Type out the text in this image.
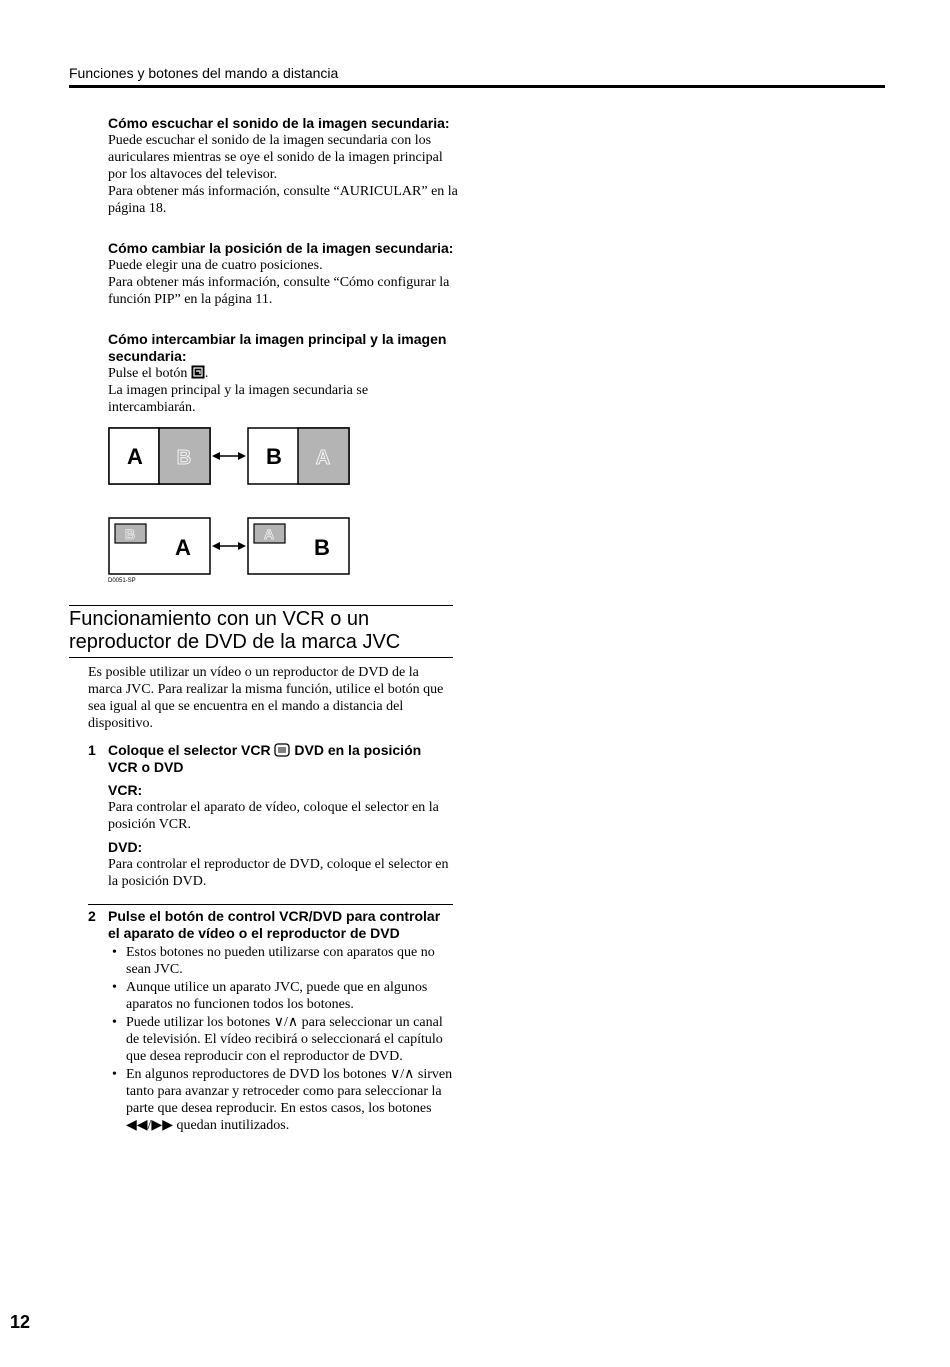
Funciones y botones del mando a distancia

Cómo escuchar el sonido de la imagen secundaria:

Puede escuchar el sonido de la imagen secundaria con los auriculares mientras se oye el sonido de la imagen principal por los altavoces del televisor.

Para obtener más información, consulte “AURICULAR” en la página 18.

Cómo cambiar la posición de la imagen secundaria:

Puede elegir una de cuatro posiciones.

Para obtener más información, consulte “Cómo configurar la función PIP” en la página 11.

Cómo intercambiar la imagen principal y la imagen secundaria:

Pulse el botón .

La imagen principal y la imagen secundaria se intercambiarán.

A B	B A
B
A
A
B
D0051-SP
Funcionamiento con un VCR o un reproductor de DVD de la marca JVC
Es posible utilizar un vídeo o un reproductor de DVD de la marca JVC. Para realizar la misma función, utilice el botón que sea igual al que se encuentra en el mando a distancia del dispositivo.
1 Coloque el selector VCR  DVD en la posición VCR o DVD

VCR:

Para controlar el aparato de vídeo, coloque el selector en la posición VCR.

DVD:

Para controlar el reproductor de DVD, coloque el selector en la posición DVD.

2 Pulse el botón de control VCR/DVD para controlar el aparato de vídeo o el reproductor de DVD
• Estos botones no pueden utilizarse con aparatos que no sean JVC.
• Aunque utilice un aparato JVC, puede que en algunos aparatos no funcionen todos los botones.
• Puede utilizar los botones ∨/∧ para seleccionar un canal de televisión. El vídeo recibirá o seleccionará el capítulo que desea reproducir con el reproductor de DVD.
• En algunos reproductores de DVD los botones ∨/∧ sirven tanto para avanzar y retroceder como para seleccionar la parte que desea reproducir. En estos casos, los botones ◀◀/▶▶ quedan inutilizados.
12
